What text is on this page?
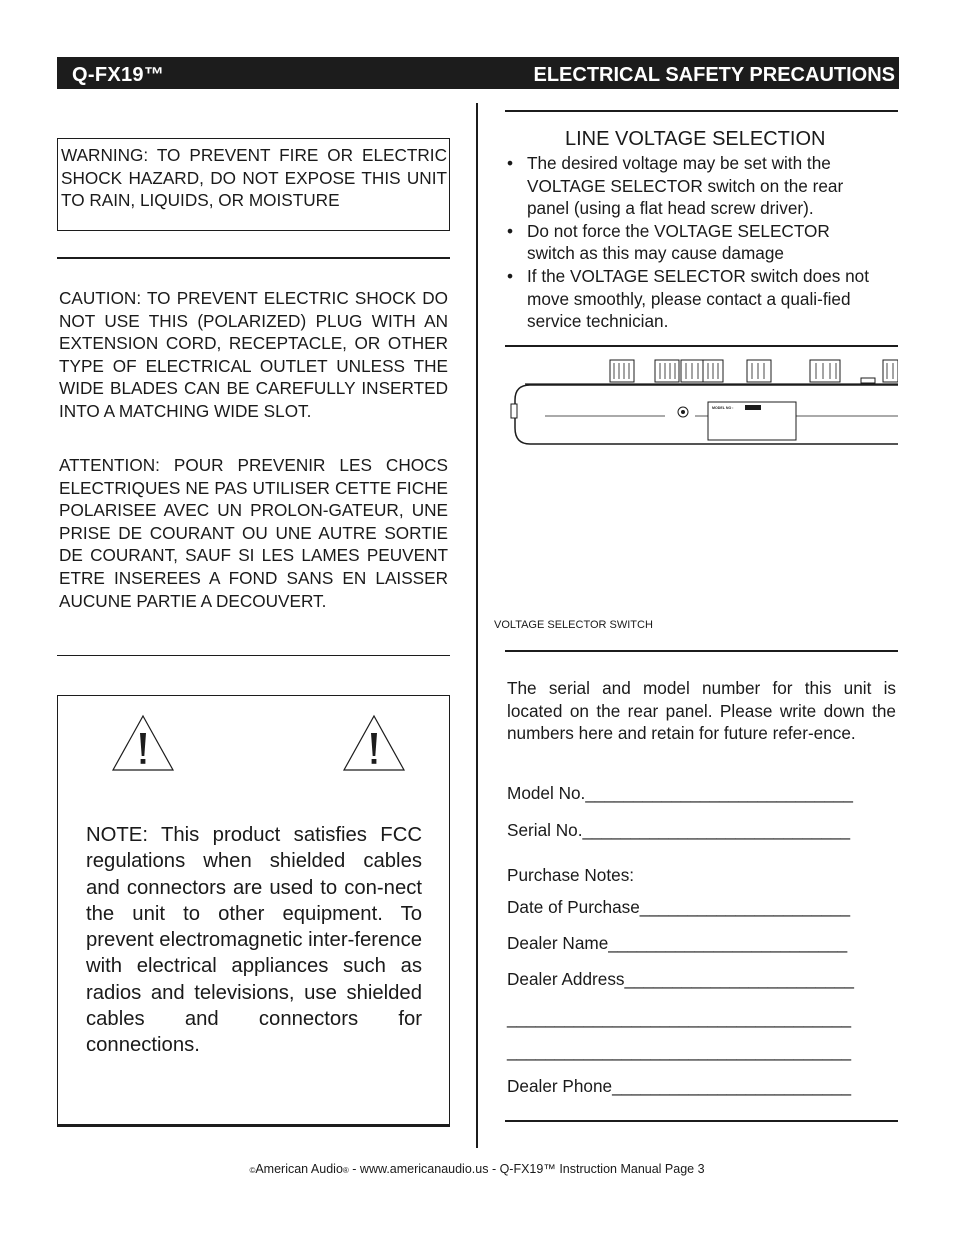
Q-FX19™	ELECTRICAL SAFETY PRECAUTIONS
WARNING: TO PREVENT FIRE OR ELECTRIC SHOCK HAZARD, DO NOT EXPOSE THIS UNIT TO RAIN, LIQUIDS, OR MOISTURE
CAUTION: TO PREVENT ELECTRIC SHOCK DO NOT USE THIS (POLARIZED) PLUG WITH AN EXTENSION CORD, RECEPTACLE, OR OTHER TYPE OF ELECTRICAL OUTLET UNLESS THE WIDE BLADES CAN BE CAREFULLY INSERTED INTO A MATCHING WIDE SLOT.
ATTENTION: POUR PREVENIR LES CHOCS ELECTRIQUES NE PAS UTILISER CETTE FICHE POLARISEE AVEC UN PROLON-GATEUR, UNE PRISE DE COURANT OU UNE AUTRE SORTIE DE COURANT, SAUF SI LES LAMES PEUVENT ETRE INSEREES A FOND SANS EN LAISSER AUCUNE PARTIE A DECOUVERT.
NOTE: This product satisfies FCC regulations when shielded cables and connectors are used to con-nect the unit to other equipment. To prevent electromagnetic inter-ference with electrical appliances such as radios and televisions, use shielded cables and connectors for connections.
LINE VOLTAGE SELECTION
• The desired voltage may be set with the VOLTAGE SELECTOR switch on the rear panel (using a flat head screw driver).
• Do not force the VOLTAGE SELECTOR switch as this may cause damage
• If the VOLTAGE SELECTOR switch does not move smoothly, please contact a quali-fied service technician.
MODEL NO :
VOLTAGE SELECTOR SWITCH
The serial and model number for this unit is located on the rear panel. Please write down the numbers here and retain for future refer-ence.
Model No.____________________________
Serial No.____________________________
Purchase Notes:
Date of Purchase______________________
Dealer Name_________________________
Dealer Address________________________
____________________________________
____________________________________
Dealer Phone_________________________
©American Audio® - www.americanaudio.us - Q-FX19™ Instruction Manual Page 3
